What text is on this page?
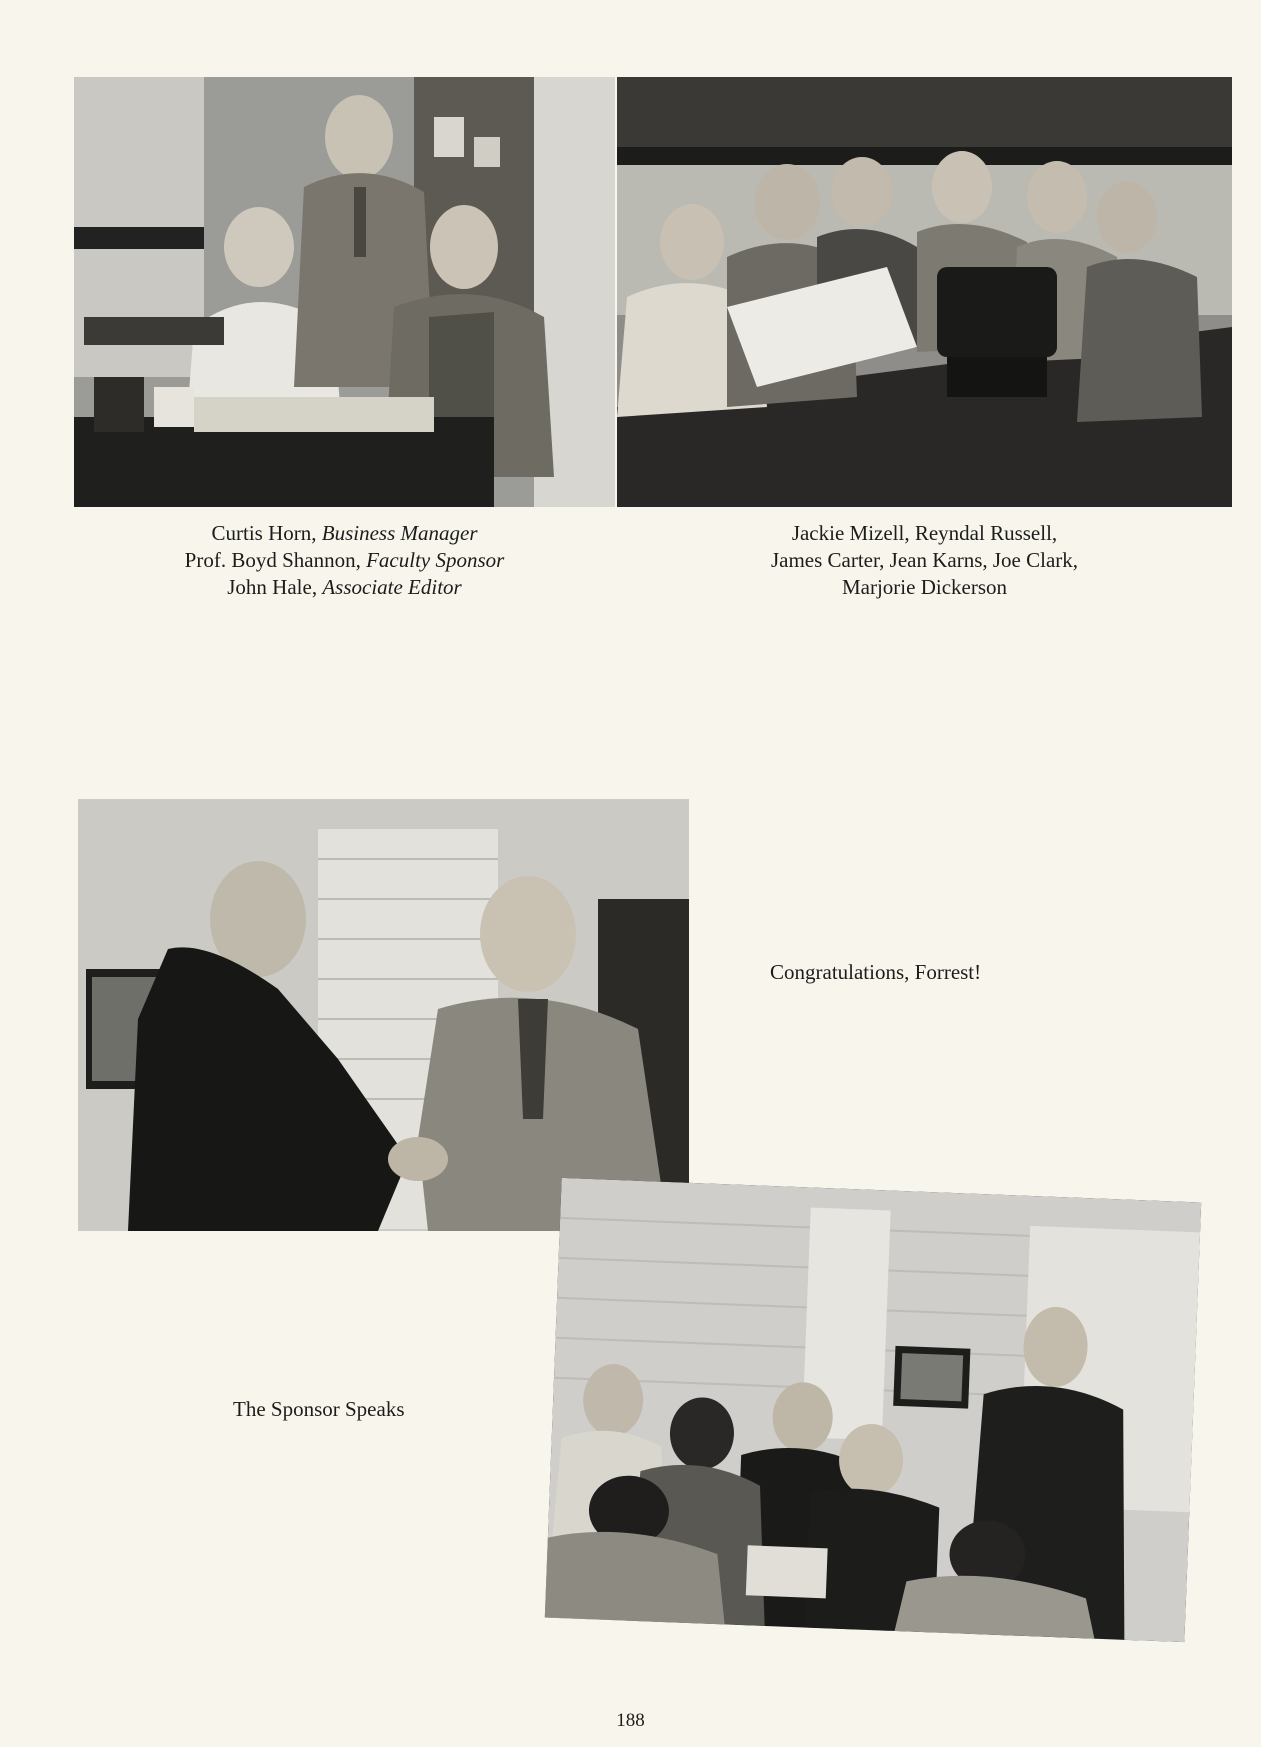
Curtis Horn, Business Manager
Prof. Boyd Shannon, Faculty Sponsor
John Hale, Associate Editor
Jackie Mizell, Reyndal Russell,
James Carter, Jean Karns, Joe Clark,
Marjorie Dickerson
Congratulations, Forrest!
The Sponsor Speaks
188
